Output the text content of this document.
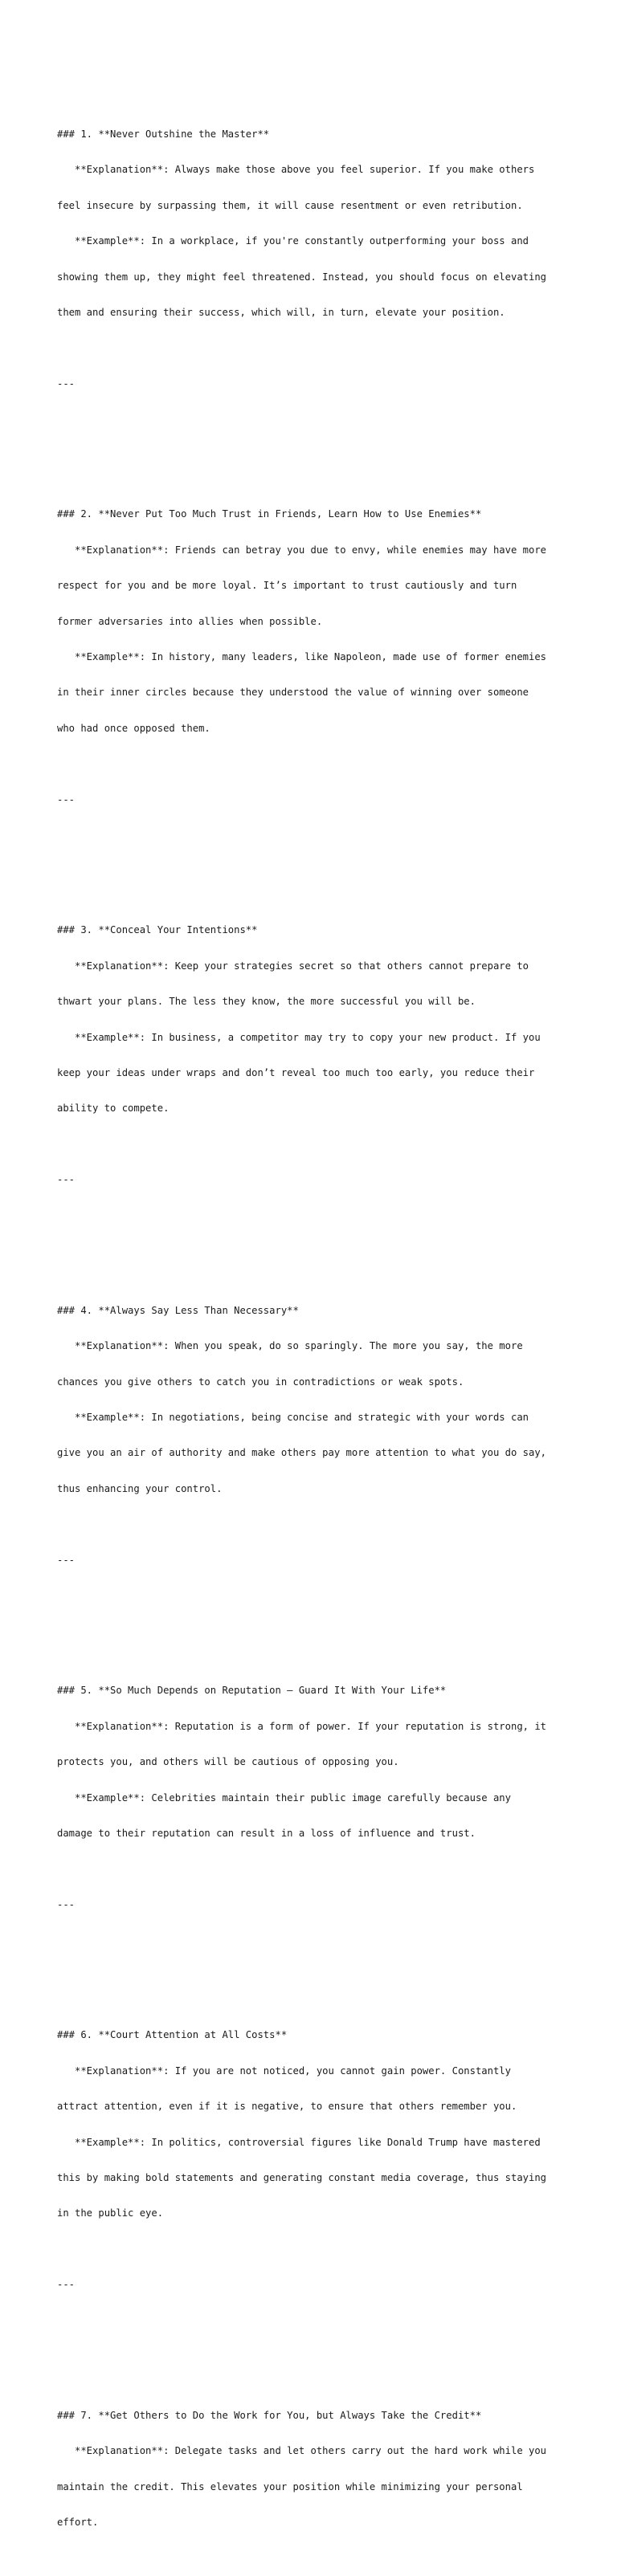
### 1. **Never Outshine the Master**

**Explanation**: Always make those above you feel superior. If you make others

feel insecure by surpassing them, it will cause resentment or even retribution.

**Example**: In a workplace, if you're constantly outperforming your boss and

showing them up, they might feel threatened. Instead, you should focus on elevating

them and ensuring their success, which will, in turn, elevate your position.

---

### 2. **Never Put Too Much Trust in Friends, Learn How to Use Enemies**

**Explanation**: Friends can betray you due to envy, while enemies may have more

respect for you and be more loyal. It’s important to trust cautiously and turn

former adversaries into allies when possible.

**Example**: In history, many leaders, like Napoleon, made use of former enemies

in their inner circles because they understood the value of winning over someone

who had once opposed them.

---

### 3. **Conceal Your Intentions**

**Explanation**: Keep your strategies secret so that others cannot prepare to

thwart your plans. The less they know, the more successful you will be.

**Example**: In business, a competitor may try to copy your new product. If you

keep your ideas under wraps and don’t reveal too much too early, you reduce their

ability to compete.

---

### 4. **Always Say Less Than Necessary**

**Explanation**: When you speak, do so sparingly. The more you say, the more

chances you give others to catch you in contradictions or weak spots.

**Example**: In negotiations, being concise and strategic with your words can

give you an air of authority and make others pay more attention to what you do say,

thus enhancing your control.

---

### 5. **So Much Depends on Reputation — Guard It With Your Life**

**Explanation**: Reputation is a form of power. If your reputation is strong, it

protects you, and others will be cautious of opposing you.

**Example**: Celebrities maintain their public image carefully because any

damage to their reputation can result in a loss of influence and trust.

---

### 6. **Court Attention at All Costs**

**Explanation**: If you are not noticed, you cannot gain power. Constantly

attract attention, even if it is negative, to ensure that others remember you.

**Example**: In politics, controversial figures like Donald Trump have mastered

this by making bold statements and generating constant media coverage, thus staying

in the public eye.

---

### 7. **Get Others to Do the Work for You, but Always Take the Credit**

**Explanation**: Delegate tasks and let others carry out the hard work while you

maintain the credit. This elevates your position while minimizing your personal

effort.
